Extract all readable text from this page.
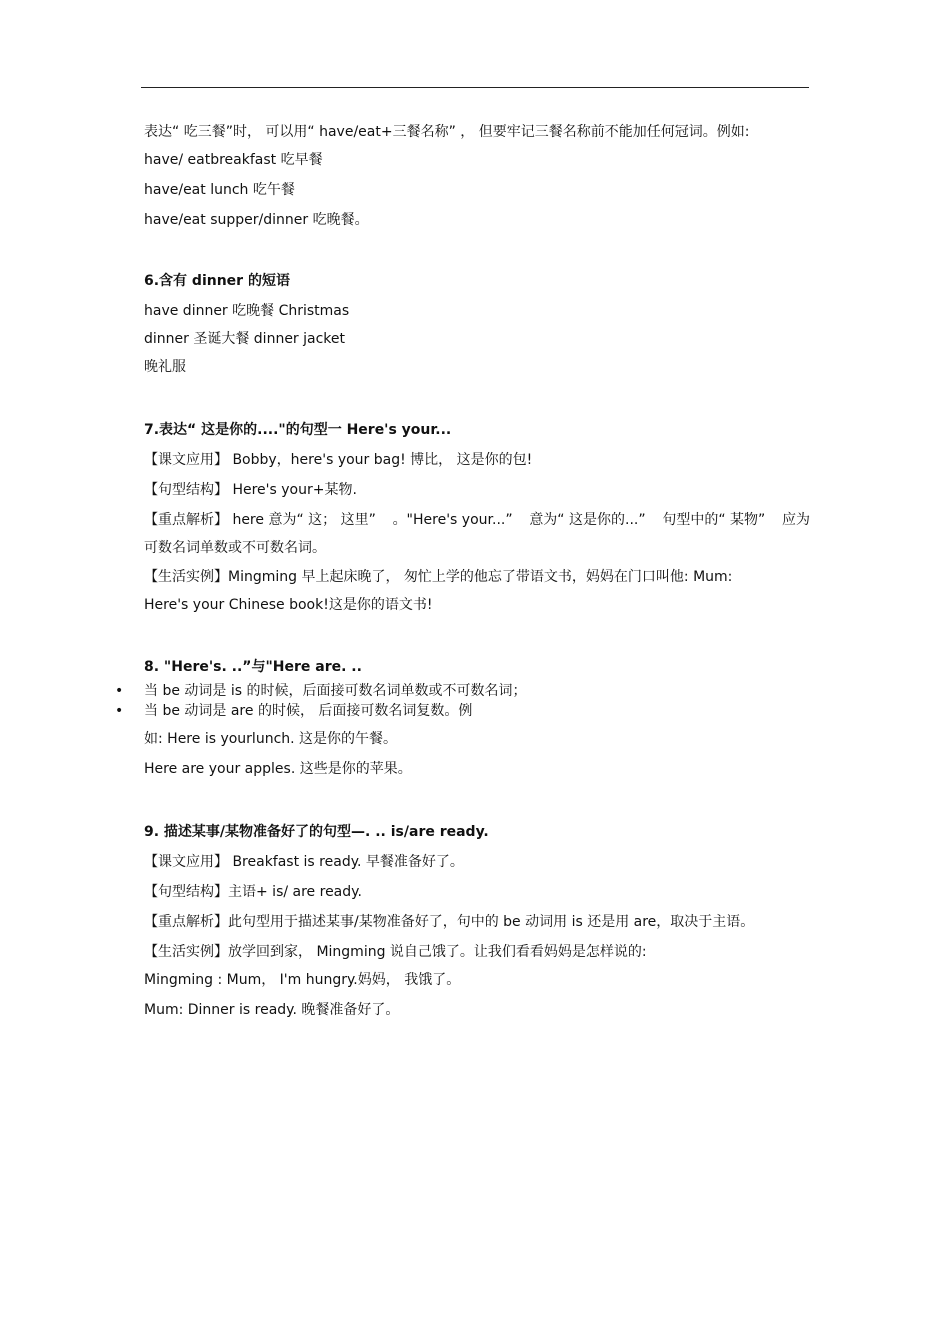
表达“ 吃三餐”时， 可以用“ have/eat+三餐名称” ， 但要牢记三餐名称前不能加任何冠词。例如:
have/ eatbreakfast 吃早餐
have/eat lunch 吃午餐
have/eat supper/dinner 吃晚餐。
6.含有 dinner 的短语
have dinner 吃晚餐 Christmas
dinner 圣诞大餐 dinner jacket
晚礼服
7.表达“ 这是你的...."的句型一 Here's your...
【课文应用】 Bobby，here's your bag! 博比， 这是你的包!
【句型结构】 Here's your+某物.
【重点解析】 here 意为“ 这； 这里” 。"Here's your...” 意为“ 这是你的...” 句型中的“ 某物” 应为
可数名词单数或不可数名词。
【生活实例】Mingming 早上起床晚了， 匆忙上学的他忘了带语文书，妈妈在门口叫他: Mum:
Here's your Chinese book!这是你的语文书!
8. "Here's. ..”与"Here are. ..
• 当 be 动词是 is 的时候，后面接可数名词单数或不可数名词；
• 当 be 动词是 are 的时候， 后面接可数名词复数。例
如: Here is yourlunch. 这是你的午餐。
Here are your apples. 这些是你的苹果。
9. 描述某事/某物准备好了的句型—. .. is/are ready.
【课文应用】 Breakfast is ready. 早餐准备好了。
【句型结构】主语+ is/ are ready.
【重点解析】此句型用于描述某事/某物准备好了，句中的 be 动词用 is 还是用 are，取决于主语。
【生活实例】放学回到家， Mingming 说自己饿了。让我们看看妈妈是怎样说的:
Mingming : Mum， I'm hungry.妈妈， 我饿了。
Mum: Dinner is ready. 晚餐准备好了。
